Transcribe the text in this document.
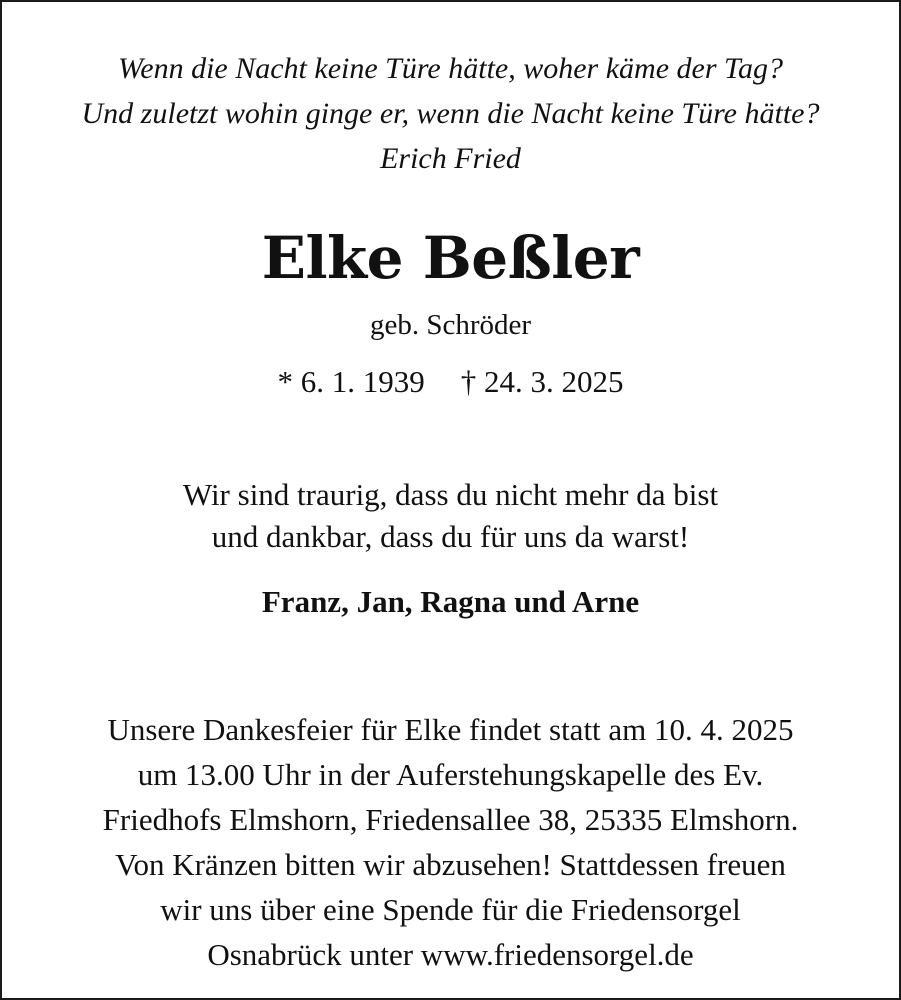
Wenn die Nacht keine Türe hätte, woher käme der Tag?
Und zuletzt wohin ginge er, wenn die Nacht keine Türe hätte?
Erich Fried
Elke Beßler
geb. Schröder
* 6. 1. 1939 † 24. 3. 2025
Wir sind traurig, dass du nicht mehr da bist
und dankbar, dass du für uns da warst!
Franz, Jan, Ragna und Arne
Unsere Dankesfeier für Elke findet statt am 10. 4. 2025
um 13.00 Uhr in der Auferstehungskapelle des Ev.
Friedhofs Elmshorn, Friedensallee 38, 25335 Elmshorn.
Von Kränzen bitten wir abzusehen! Stattdessen freuen
wir uns über eine Spende für die Friedensorgel
Osnabrück unter www.friedensorgel.de
